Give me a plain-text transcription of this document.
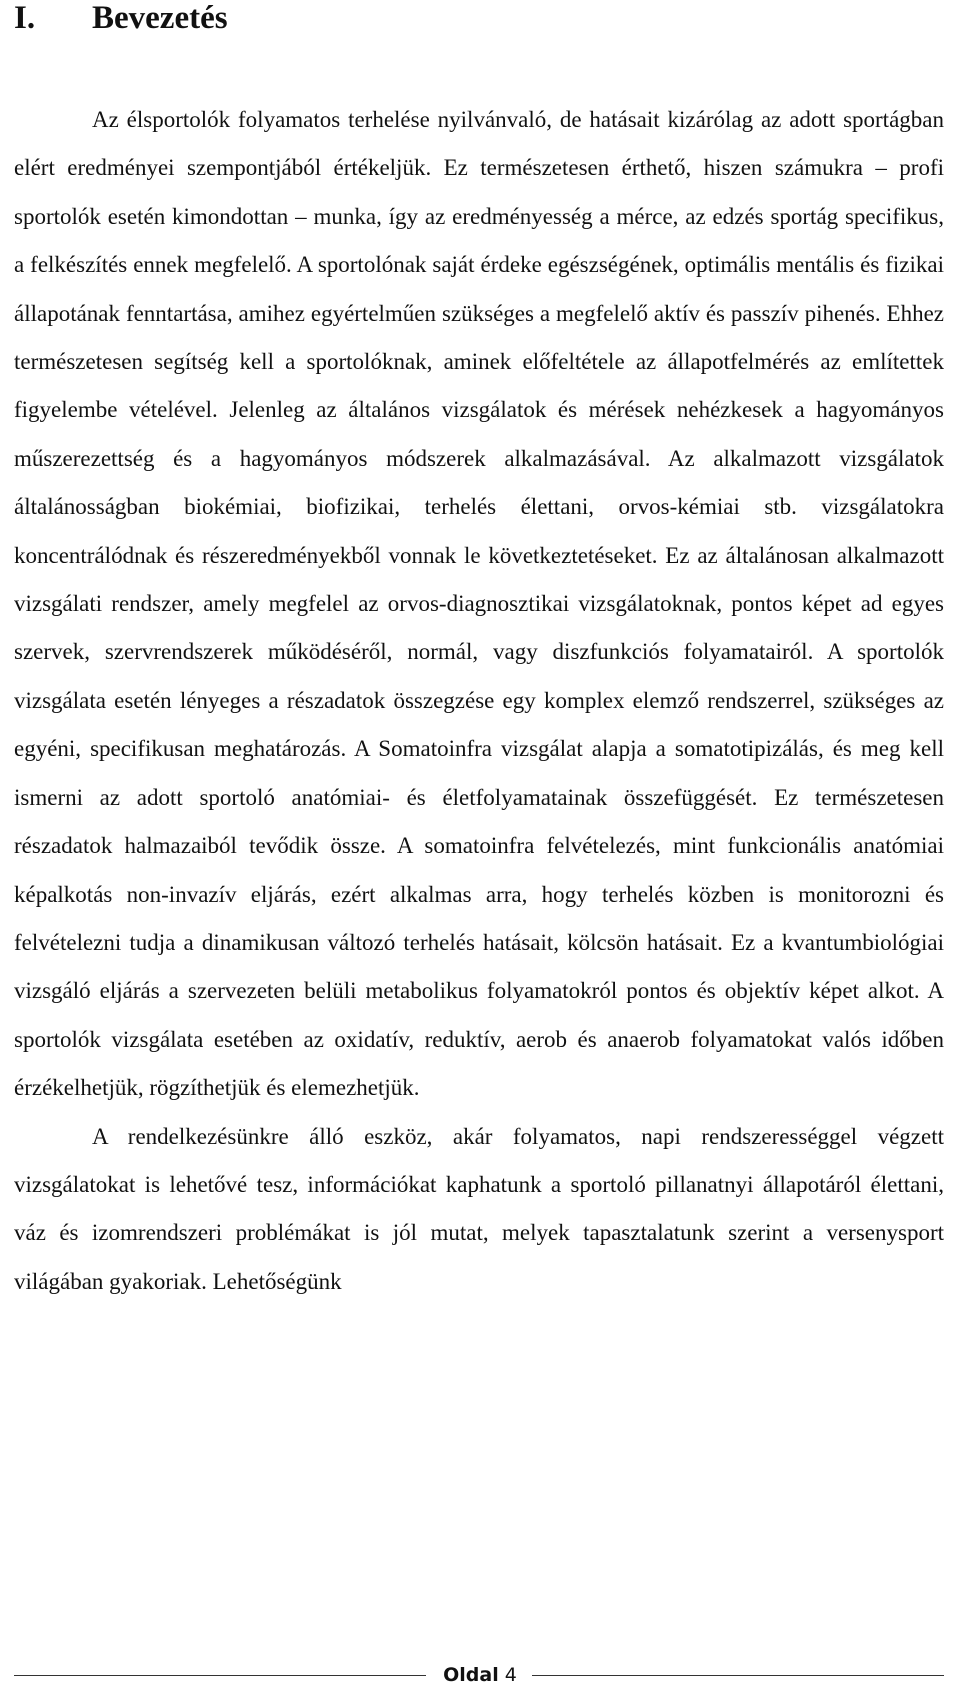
I. Bevezetés

Az élsportolók folyamatos terhelése nyilvánvaló, de hatásait kizárólag az adott sportágban elért eredményei szempontjából értékeljük. Ez természetesen érthető, hiszen számukra – profi sportolók esetén kimondottan – munka, így az eredményesség a mérce, az edzés sportág specifikus, a felkészítés ennek megfelelő. A sportolónak saját érdeke egészségének, optimális mentális és fizikai állapotának fenntartása, amihez egyértelműen szükséges a megfelelő aktív és passzív pihenés. Ehhez természetesen segítség kell a sportolóknak, aminek előfeltétele az állapotfelmérés az említettek figyelembe vételével. Jelenleg az általános vizsgálatok és mérések nehézkesek a hagyományos műszerezettség és a hagyományos módszerek alkalmazásával. Az alkalmazott vizsgálatok általánosságban biokémiai, biofizikai, terhelés élettani, orvos-kémiai stb. vizsgálatokra koncentrálódnak és részeredményekből vonnak le következtetéseket. Ez az általánosan alkalmazott vizsgálati rendszer, amely megfelel az orvos-diagnosztikai vizsgálatoknak, pontos képet ad egyes szervek, szervrendszerek működéséről, normál, vagy diszfunkciós folyamatairól. A sportolók vizsgálata esetén lényeges a részadatok összegzése egy komplex elemző rendszerrel, szükséges az egyéni, specifikusan meghatározás. A Somatoinfra vizsgálat alapja a somatotipizálás, és meg kell ismerni az adott sportoló anatómiai- és életfolyamatainak összefüggését. Ez természetesen részadatok halmazaiból tevődik össze. A somatoinfra felvételezés, mint funkcionális anatómiai képalkotás non-invazív eljárás, ezért alkalmas arra, hogy terhelés közben is monitorozni és felvételezni tudja a dinamikusan változó terhelés hatásait, kölcsön hatásait. Ez a kvantumbiológiai vizsgáló eljárás a szervezeten belüli metabolikus folyamatokról pontos és objektív képet alkot. A sportolók vizsgálata esetében az oxidatív, reduktív, aerob és anaerob folyamatokat valós időben érzékelhetjük, rögzíthetjük és elemezhetjük.

A rendelkezésünkre álló eszköz, akár folyamatos, napi rendszerességgel végzett vizsgálatokat is lehetővé tesz, információkat kaphatunk a sportoló pillanatnyi állapotáról élettani, váz és izomrendszeri problémákat is jól mutat, melyek tapasztalatunk szerint a versenysport világában gyakoriak. Lehetőségünk

Oldal 4
